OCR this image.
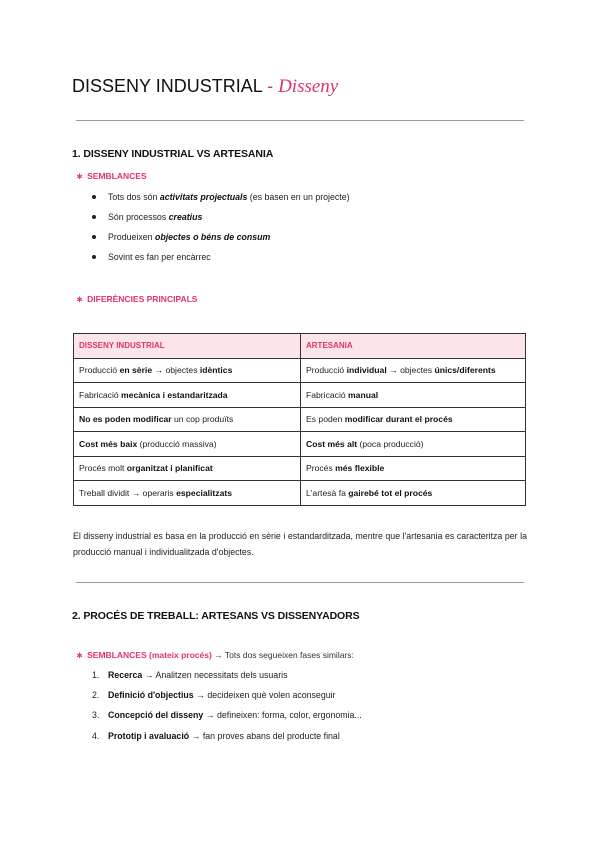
DISSENY INDUSTRIAL - Disseny
1. DISSENY INDUSTRIAL VS ARTESANIA
∗ SEMBLANCES
Tots dos són activitats projectuals (es basen en un projecte)
Són processos creatius
Produeixen objectes o béns de consum
Sovint es fan per encàrrec
∗ DIFERÈNCIES PRINCIPALS
DISSENY INDUSTRIAL	ARTESANIA
Producció en sèrie → objectes idèntics	Producció individual → objectes únics/diferents
Fabricació mecànica i estandaritzada	Fabricació manual
No es poden modificar un cop produïts	Es poden modificar durant el procés
Cost més baix (producció massiva)	Cost més alt (poca producció)
Procés molt organitzat i planificat	Procés més flexible
Treball dividit → operaris especialitzats	L'artesà fa gairebé tot el procés
El disseny industrial es basa en la producció en sèrie i estandarditzada, mentre que l'artesania es caracteritza per la producció manual i individualitzada d'objectes.
2. PROCÉS DE TREBALL: ARTESANS VS DISSENYADORS
∗ SEMBLANCES (mateix procés) → Tots dos segueixen fases similars:
1. Recerca → Analitzen necessitats dels usuaris
2. Definició d'objectius → decideixen què volen aconseguir
3. Concepció del disseny → defineixen: forma, color, ergonomia...
4. Prototip i avaluació → fan proves abans del producte final
